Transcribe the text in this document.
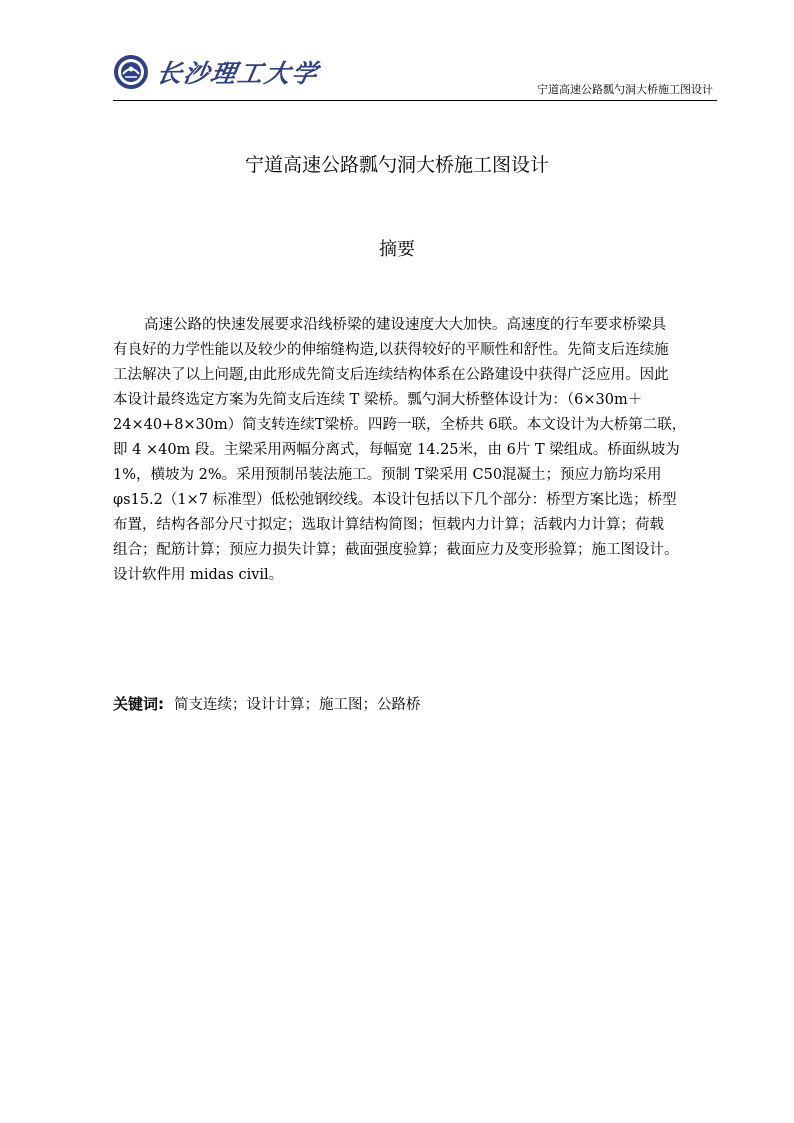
长沙理工大学
宁道高速公路瓢勺洞大桥施工图设计
宁道高速公路瓢勺洞大桥施工图设计
摘要
高速公路的快速发展要求沿线桥梁的建设速度大大加快。高速度的行车要求桥梁具
有良好的力学性能以及较少的伸缩缝构造,以获得较好的平顺性和舒性。先简支后连续施
工法解决了以上问题,由此形成先简支后连续结构体系在公路建设中获得广泛应用。因此
本设计最终选定方案为先简支后连续 T 梁桥。瓢勺洞大桥整体设计为：（6×30m＋
24×40+8×30m）简支转连续T梁桥。四跨一联，全桥共 6联。本文设计为大桥第二联，
即 4 ×40m 段。主梁采用两幅分离式，每幅宽 14.25米，由 6片 T 梁组成。桥面纵坡为
1%，横坡为 2%。采用预制吊装法施工。预制 T梁采用 C50混凝土；预应力筋均采用
φs15.2（1×7 标准型）低松弛钢绞线。本设计包括以下几个部分：桥型方案比选；桥型
布置，结构各部分尺寸拟定；选取计算结构简图；恒载内力计算；活载内力计算；荷载
组合；配筋计算；预应力损失计算；截面强度验算；截面应力及变形验算；施工图设计。
设计软件用 midas civil。
关键词: 简支连续；设计计算；施工图；公路桥
